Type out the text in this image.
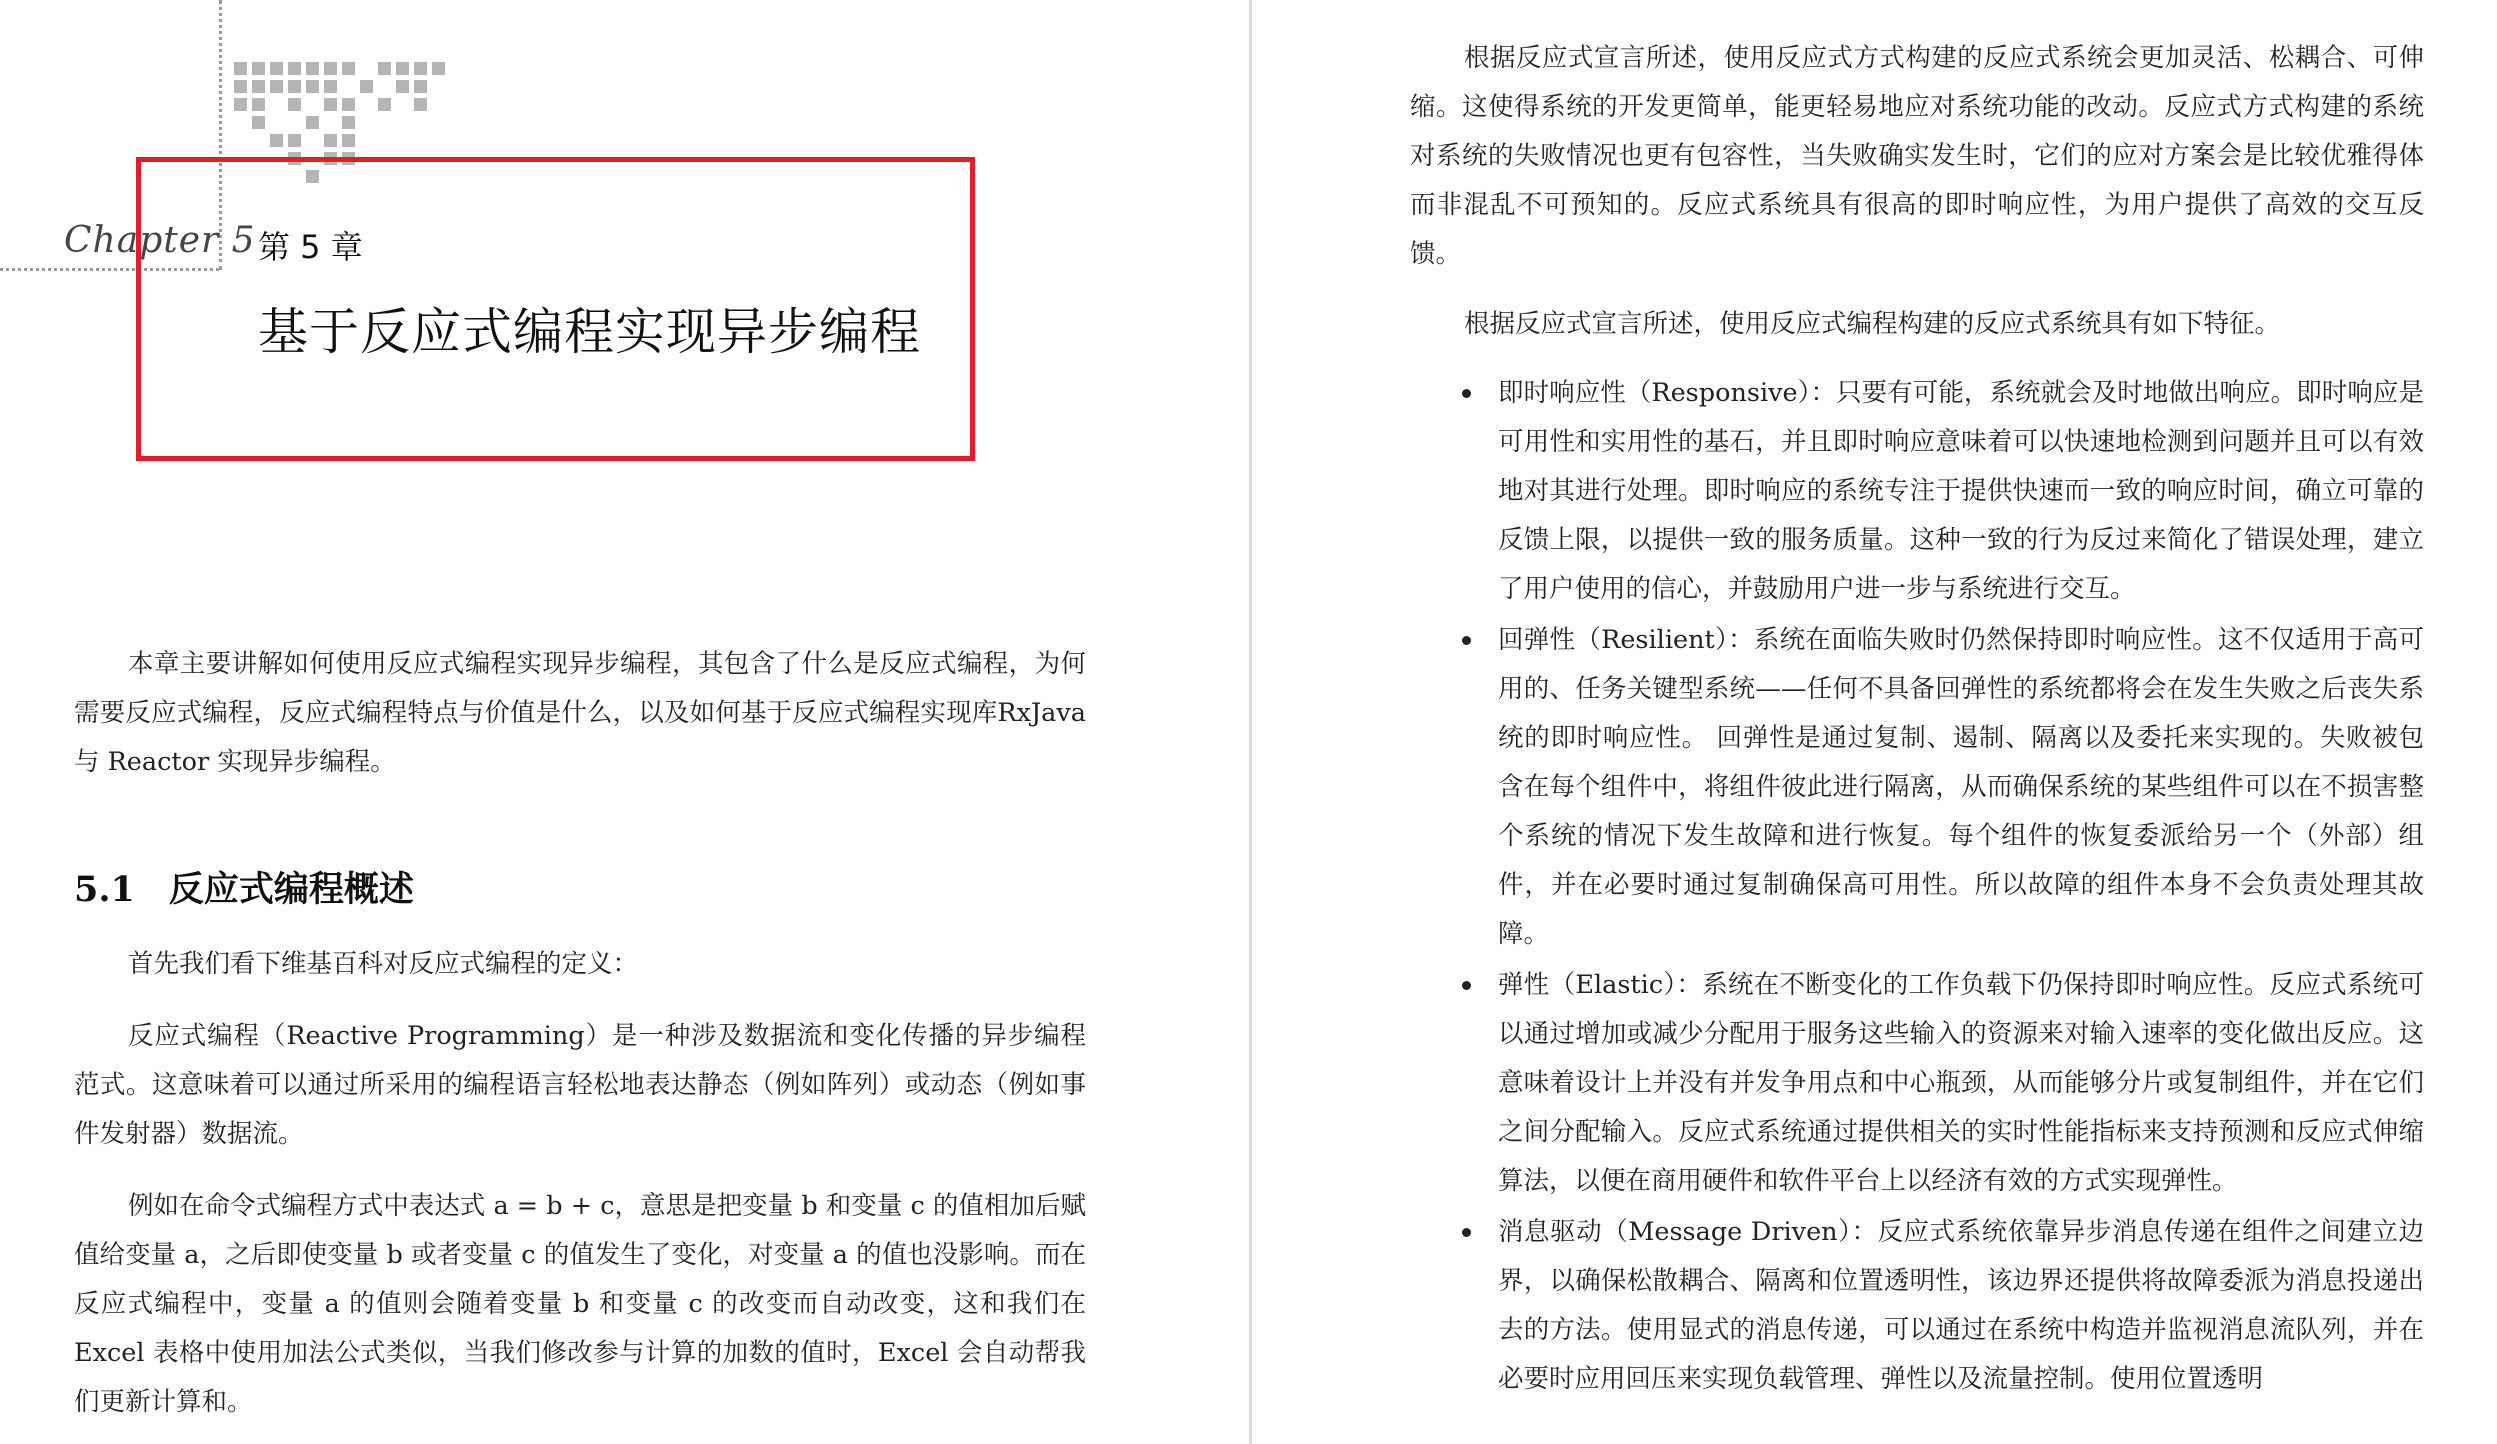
Chapter 5 第 5 章
基于反应式编程实现异步编程
本章主要讲解如何使用反应式编程实现异步编程，其包含了什么是反应式编程，为何需要反应式编程，反应式编程特点与价值是什么，以及如何基于反应式编程实现库RxJava 与 Reactor 实现异步编程。
5.1 反应式编程概述
首先我们看下维基百科对反应式编程的定义：
反应式编程（Reactive Programming）是一种涉及数据流和变化传播的异步编程范式。这意味着可以通过所采用的编程语言轻松地表达静态（例如阵列）或动态（例如事件发射器）数据流。
例如在命令式编程方式中表达式 a = b + c，意思是把变量 b 和变量 c 的值相加后赋值给变量 a，之后即使变量 b 或者变量 c 的值发生了变化，对变量 a 的值也没影响。而在反应式编程中，变量 a 的值则会随着变量 b 和变量 c 的改变而自动改变，这和我们在 Excel 表格中使用加法公式类似，当我们修改参与计算的加数的值时，Excel 会自动帮我们更新计算和。
根据反应式宣言所述，使用反应式方式构建的反应式系统会更加灵活、松耦合、可伸缩。这使得系统的开发更简单，能更轻易地应对系统功能的改动。反应式方式构建的系统对系统的失败情况也更有包容性，当失败确实发生时，它们的应对方案会是比较优雅得体而非混乱不可预知的。反应式系统具有很高的即时响应性，为用户提供了高效的交互反馈。
根据反应式宣言所述，使用反应式编程构建的反应式系统具有如下特征。
即时响应性（Responsive）：只要有可能，系统就会及时地做出响应。即时响应是可用性和实用性的基石，并且即时响应意味着可以快速地检测到问题并且可以有效地对其进行处理。即时响应的系统专注于提供快速而一致的响应时间，确立可靠的反馈上限，以提供一致的服务质量。这种一致的行为反过来简化了错误处理，建立了用户使用的信心，并鼓励用户进一步与系统进行交互。
回弹性（Resilient）：系统在面临失败时仍然保持即时响应性。这不仅适用于高可用的、任务关键型系统——任何不具备回弹性的系统都将会在发生失败之后丧失系统的即时响应性。 回弹性是通过复制、遏制、隔离以及委托来实现的。失败被包含在每个组件中，将组件彼此进行隔离，从而确保系统的某些组件可以在不损害整个系统的情况下发生故障和进行恢复。每个组件的恢复委派给另一个（外部）组件，并在必要时通过复制确保高可用性。所以故障的组件本身不会负责处理其故障。
弹性（Elastic）：系统在不断变化的工作负载下仍保持即时响应性。反应式系统可以通过增加或减少分配用于服务这些输入的资源来对输入速率的变化做出反应。这意味着设计上并没有并发争用点和中心瓶颈，从而能够分片或复制组件，并在它们之间分配输入。反应式系统通过提供相关的实时性能指标来支持预测和反应式伸缩算法，以便在商用硬件和软件平台上以经济有效的方式实现弹性。
消息驱动（Message Driven）：反应式系统依靠异步消息传递在组件之间建立边界，以确保松散耦合、隔离和位置透明性，该边界还提供将故障委派为消息投递出去的方法。使用显式的消息传递，可以通过在系统中构造并监视消息流队列，并在必要时应用回压来实现负载管理、弹性以及流量控制。使用位置透明
